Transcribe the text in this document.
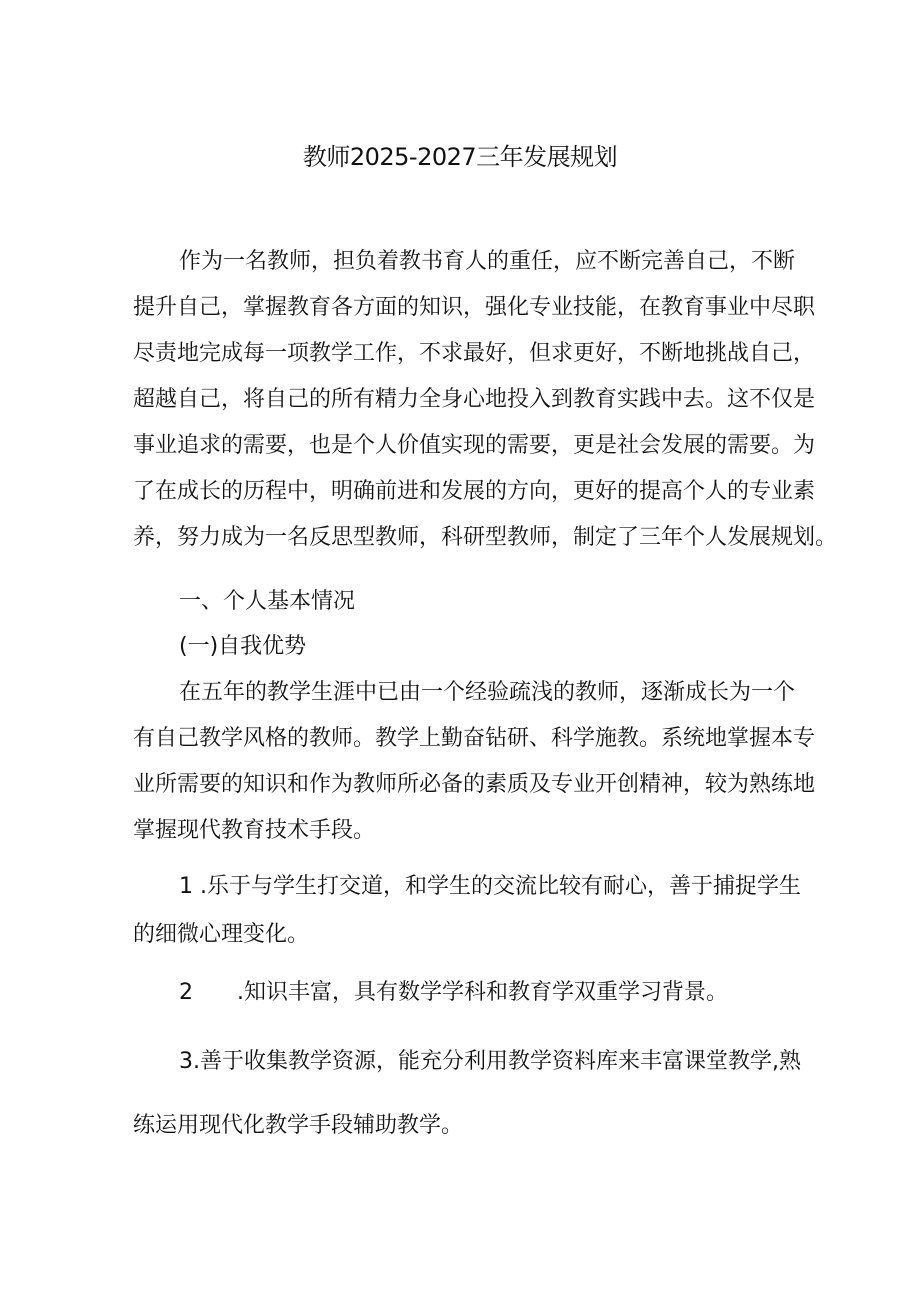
教师2025-2027三年发展规划
作为一名教师，担负着教书育人的重任，应不断完善自己，不断
提升自己，掌握教育各方面的知识，强化专业技能，在教育事业中尽职
尽责地完成每一项教学工作，不求最好，但求更好，不断地挑战自己，
超越自己，将自己的所有精力全身心地投入到教育实践中去。这不仅是
事业追求的需要，也是个人价值实现的需要，更是社会发展的需要。为
了在成长的历程中，明确前进和发展的方向，更好的提高个人的专业素
养，努力成为一名反思型教师，科研型教师，制定了三年个人发展规划。
一、个人基本情况
(一)自我优势
在五年的教学生涯中已由一个经验疏浅的教师，逐渐成长为一个
有自己教学风格的教师。教学上勤奋钻研、科学施教。系统地掌握本专
业所需要的知识和作为教师所必备的素质及专业开创精神，较为熟练地
掌握现代教育技术手段。
1 .乐于与学生打交道，和学生的交流比较有耐心，善于捕捉学生
的细微心理变化。
2 .知识丰富，具有数学学科和教育学双重学习背景。
3.善于收集教学资源，能充分利用教学资料库来丰富课堂教学,熟
练运用现代化教学手段辅助教学。
